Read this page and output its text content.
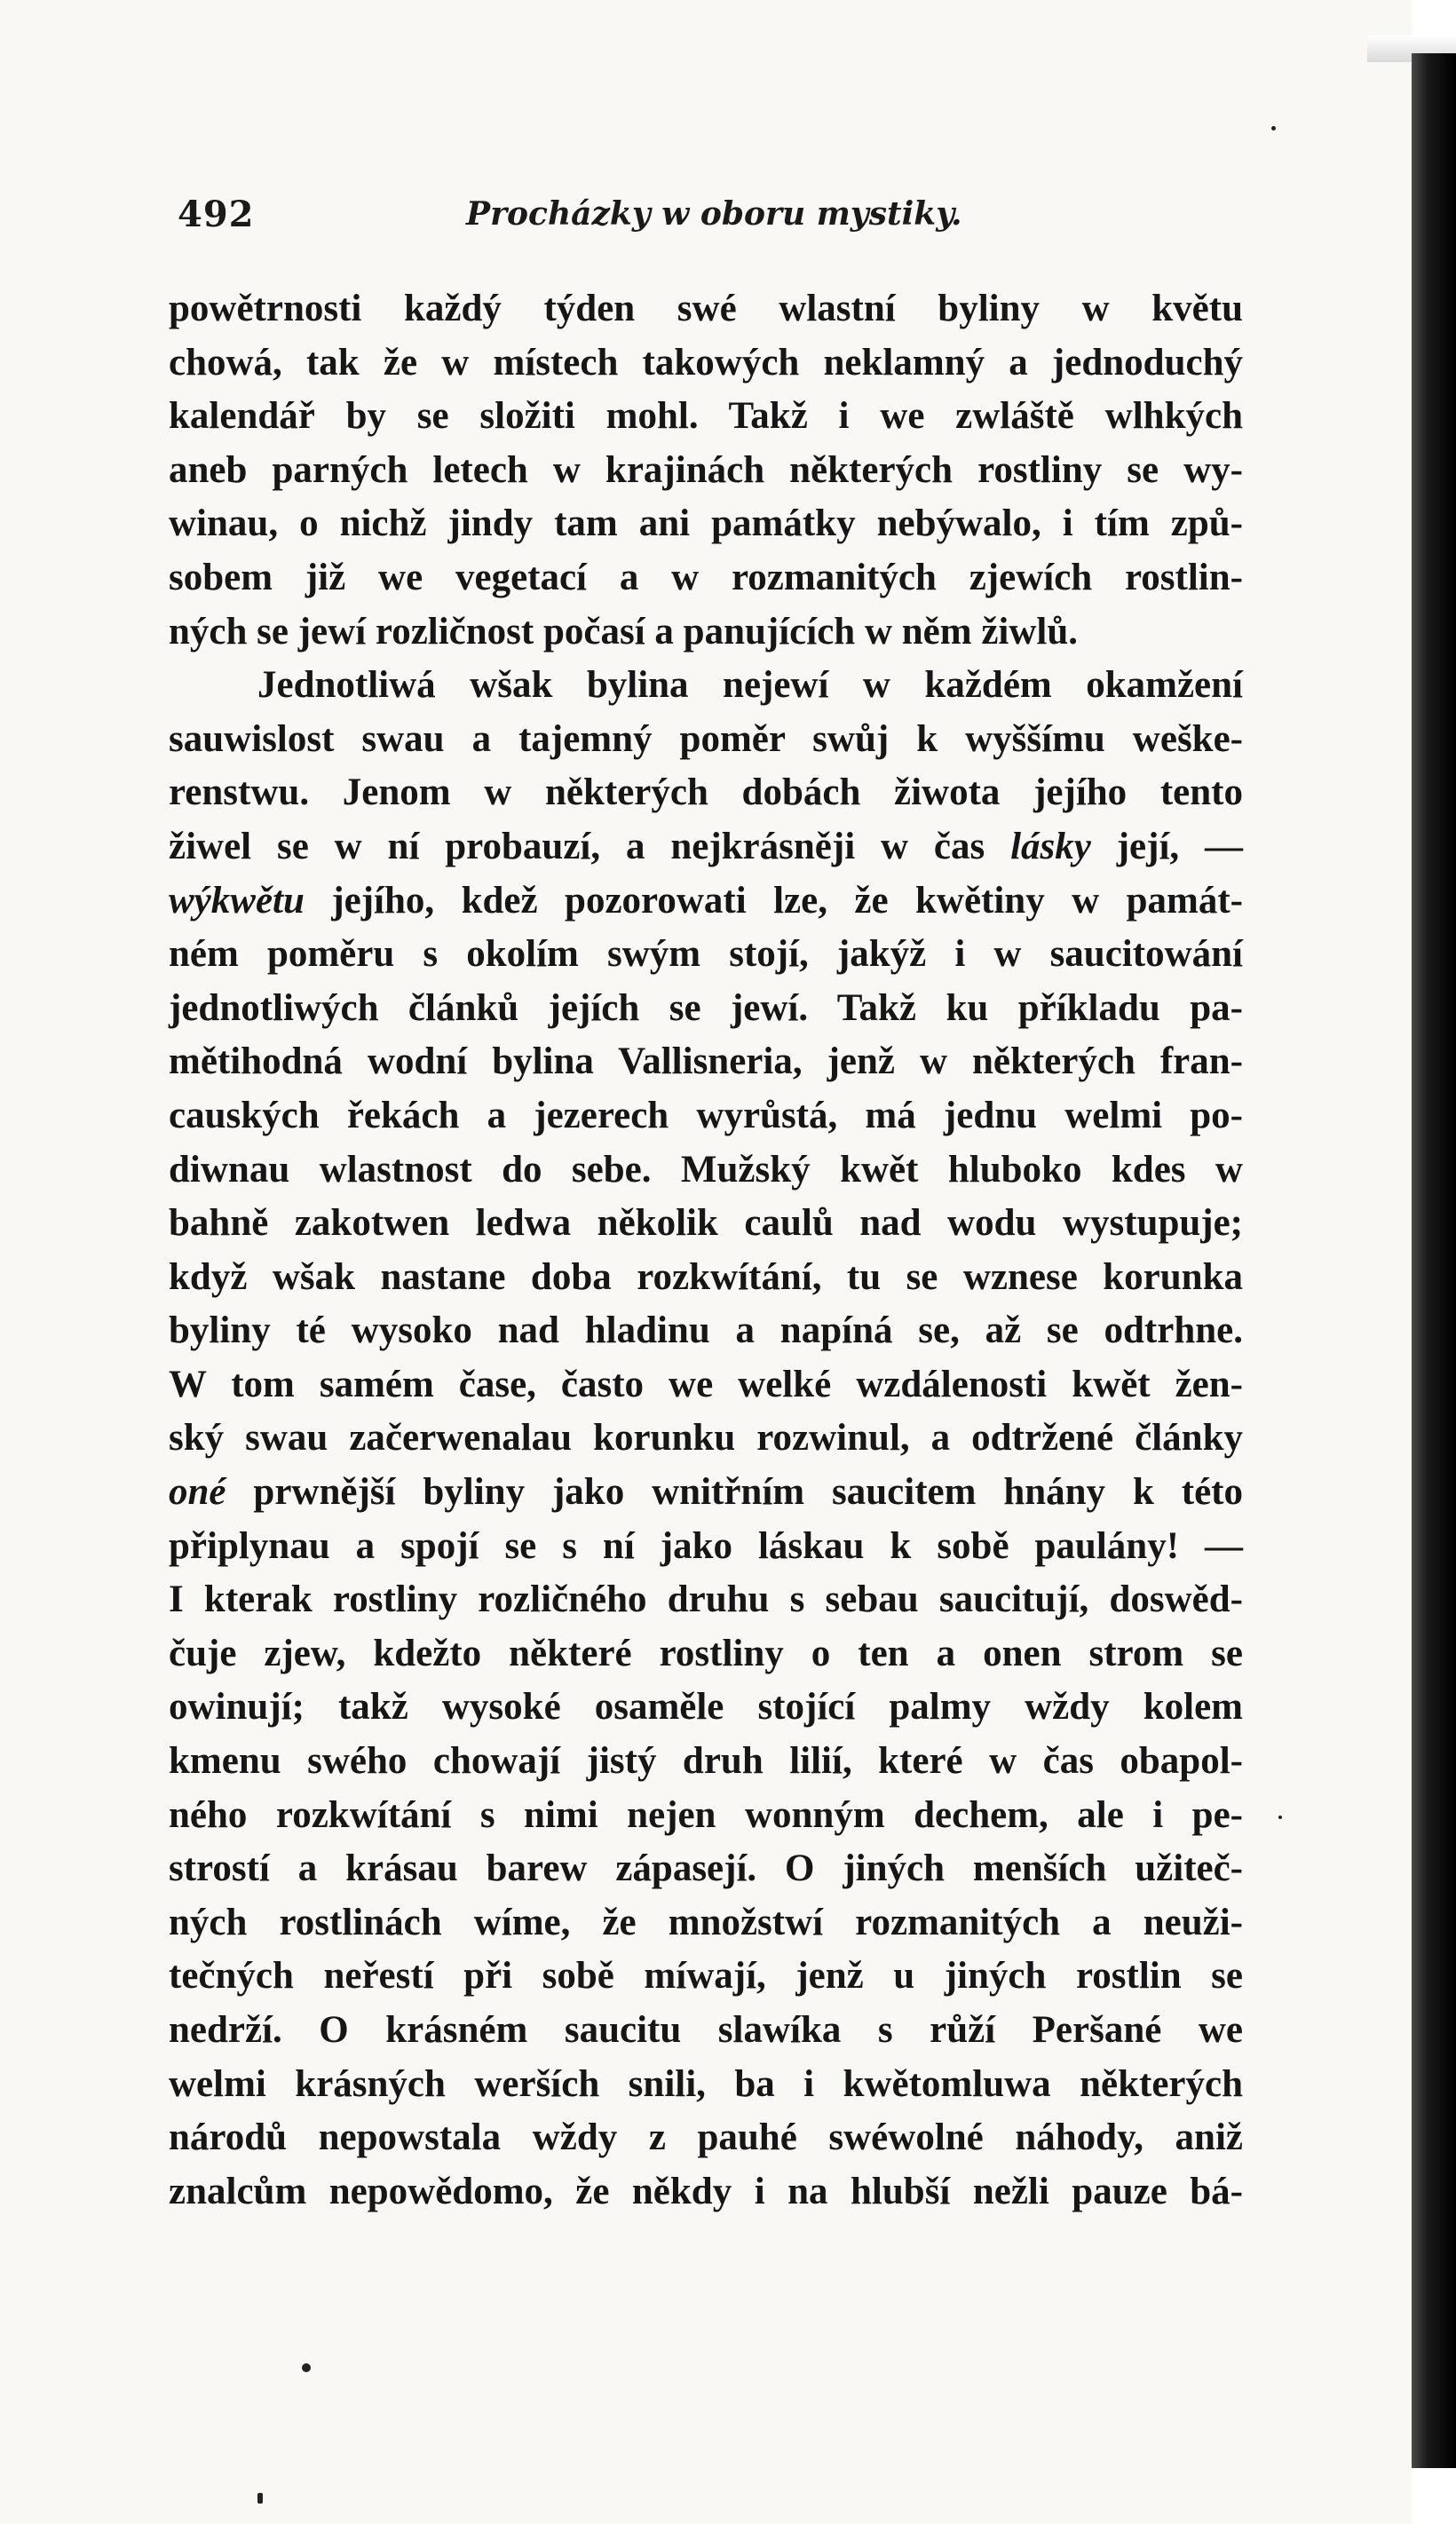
492	Procházky w oboru mystiky.
powětrnosti každý týden swé wlastní byliny w květu
chowá, tak že w místech takowých neklamný a jednoduchý
kalendář by se složiti mohl. Takž i we zwláště wlhkých
aneb parných letech w krajinách některých rostliny se wy-
winau, o nichž jindy tam ani památky nebýwalo, i tím způ-
sobem již we vegetací a w rozmanitých zjewích rostlin-
ných se jewí rozličnost počasí a panujících w něm žiwlů.
Jednotliwá wšak bylina nejewí w každém okamžení
sauwislost swau a tajemný poměr swůj k wyššímu weške-
renstwu. Jenom w některých dobách žiwota jejího tento
žiwel se w ní probauzí, a nejkrásněji w čas lásky její, —
wýkwětu jejího, kdež pozorowati lze, že kwětiny w památ-
ném poměru s okolím swým stojí, jakýž i w saucitowání
jednotliwých článků jejích se jewí. Takž ku příkladu pa-
mětihodná wodní bylina Vallisneria, jenž w některých fran-
cauských řekách a jezerech wyrůstá, má jednu welmi po-
diwnau wlastnost do sebe. Mužský kwět hluboko kdes w
bahně zakotwen ledwa několik caulů nad wodu wystupuje;
když wšak nastane doba rozkwítání, tu se wznese korunka
byliny té wysoko nad hladinu a napíná se, až se odtrhne.
W tom samém čase, často we welké wzdálenosti kwět žen-
ský swau začerwenalau korunku rozwinul, a odtržené články
oné prwnější byliny jako wnitřním saucitem hnány k této
připlynau a spojí se s ní jako láskau k sobě paulány! —
I kterak rostliny rozličného druhu s sebau saucitují, doswěd-
čuje zjew, kdežto některé rostliny o ten a onen strom se
owinují; takž wysoké osaměle stojící palmy wždy kolem
kmenu swého chowají jistý druh lilií, které w čas obapol-
ného rozkwítání s nimi nejen wonným dechem, ale i pe-
strostí a krásau barew zápasejí. O jiných menších užiteč-
ných rostlinách wíme, že množstwí rozmanitých a neuži-
tečných neřestí při sobě míwají, jenž u jiných rostlin se
nedrží. O krásném saucitu slawíka s růží Peršané we
welmi krásných werších snili, ba i kwětomluwa některých
národů nepowstala wždy z pauhé swéwolné náhody, aniž
znalcům nepowědomo, že někdy i na hlubší nežli pauze bá-
